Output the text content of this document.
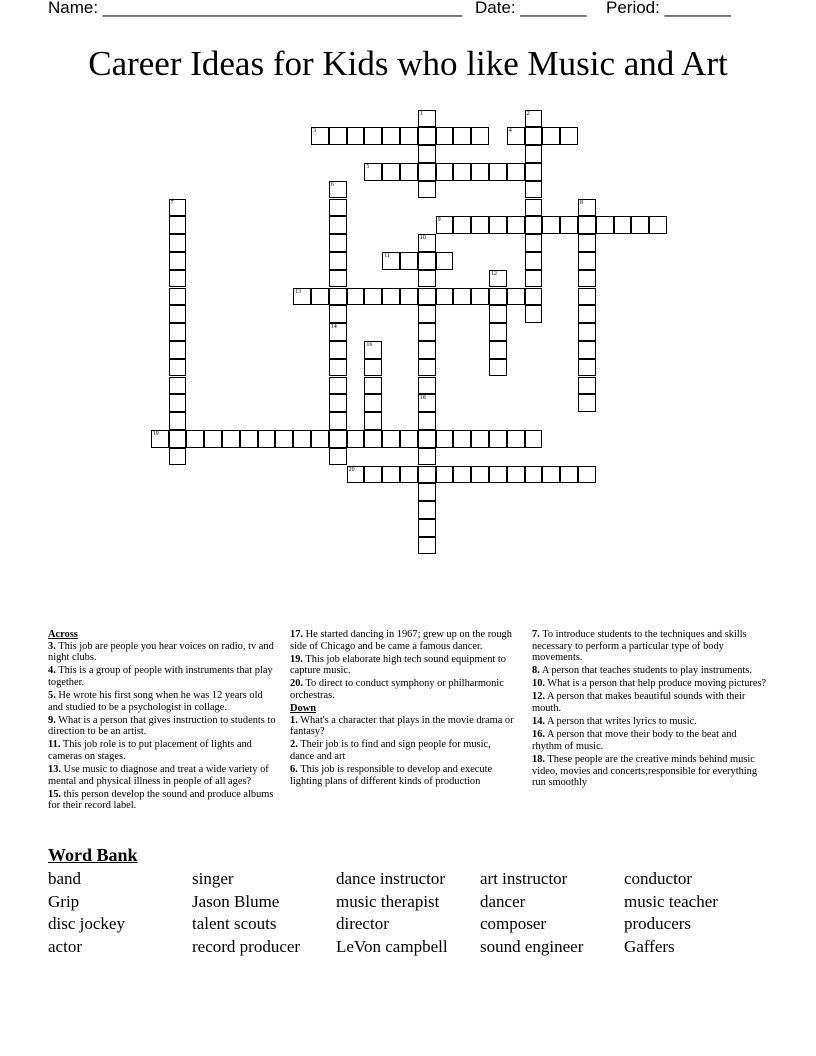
Name: ______________________________________ Date: _______ Period: _______
Career Ideas for Kids who like Music and Art
3	4
5
9
11
13
19
20
1	2
6
14
7	8
10
18
12
16
Across
3. This job are people you hear voices on radio, tv and night clubs.
4. This is a group of people with instruments that play together.
5. He wrote his first song when he was 12 years old and studied to be a psychologist in collage.
9. What is a person that gives instruction to students to direction to be an artist.
11. This job role is to put placement of lights and cameras on stages.
13. Use music to diagnose and treat a wide variety of mental and physical illness in people of all ages?
15. this person develop the sound and produce albums for their record label.
17. He started dancing in 1967; grew up on the rough side of Chicago and be came a famous dancer.
19. This job elaborate high tech sound equipment to capture music.
20. To direct to conduct symphony or philharmonic orchestras.
Down
1. What's a character that plays in the movie drama or fantasy?
2. Their job is to find and sign people for music, dance and art
6. This job is responsible to develop and execute lighting plans of different kinds of production
7. To introduce students to the techniques and skills necessary to perform a particular type of body movements.
8. A person that teaches students to play instruments.
10. What is a person that help produce moving pictures?
12. A person that makes beautiful sounds with their mouth.
14. A person that writes lyrics to music.
16. A person that move their body to the beat and rhythm of music.
18. These people are the creative minds behind music video, movies and concerts;responsible for everything run smoothly
Word Bank
band	singer	dance instructor	art instructor	conductor
Grip	Jason Blume	music therapist	dancer	music teacher
disc jockey	talent scouts	director	composer	producers
actor	record producer	LeVon campbell	sound engineer	Gaffers
